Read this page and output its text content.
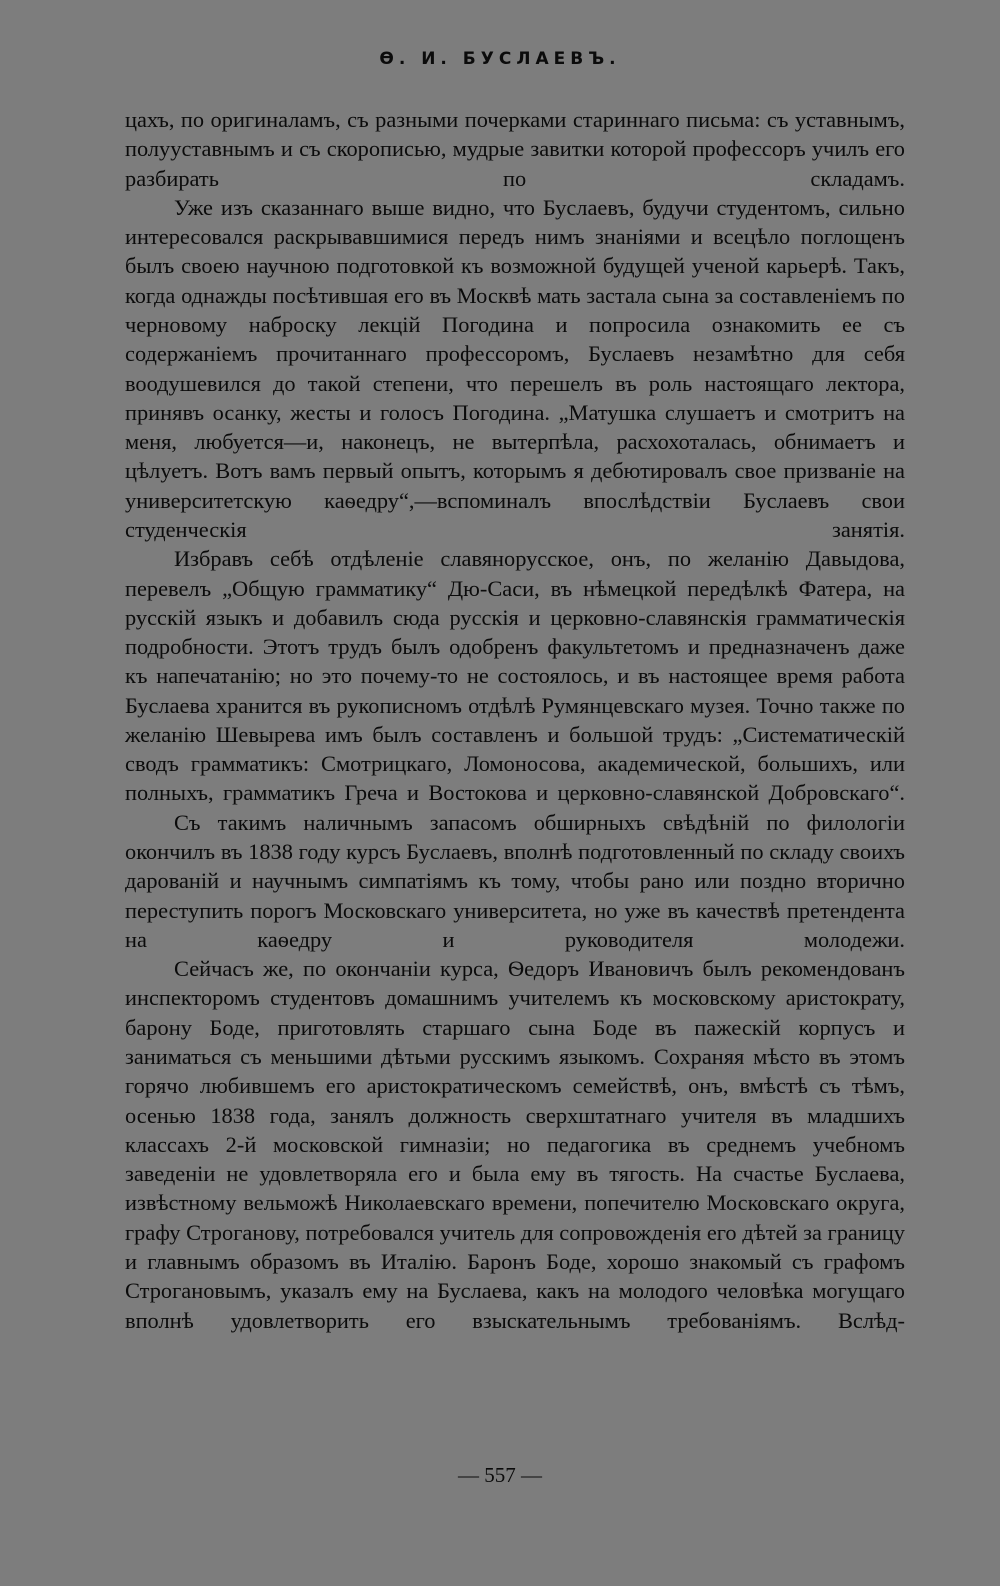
Ѳ. И. БУСЛАЕВЪ.

цахъ, по оригиналамъ, съ разными почерками стариннаго письма: съ уставнымъ, полууставнымъ и съ скорописью, мудрые завитки которой профессоръ училъ его разбирать по складамъ.

Уже изъ сказаннаго выше видно, что Буслаевъ, будучи студентомъ, сильно интересовался раскрывавшимися передъ нимъ знаніями и всецѣло поглощенъ былъ своею научною подготовкой къ возможной будущей ученой карьерѣ. Такъ, когда однажды посѣтившая его въ Москвѣ мать застала сына за составленіемъ по черновому наброску лекцій Погодина и попросила ознакомить ее съ содержаніемъ прочитаннаго профессоромъ, Буслаевъ незамѣтно для себя воодушевился до такой степени, что перешелъ въ роль настоящаго лектора, принявъ осанку, жесты и голосъ Погодина. „Матушка слушаетъ и смотритъ на меня, любуется—и, наконецъ, не вытерпѣла, расхохоталась, обнимаетъ и цѣлуетъ. Вотъ вамъ первый опытъ, которымъ я дебютировалъ свое призваніе на университетскую каѳедру“,—вспоминалъ впослѣдствіи Буслаевъ свои студенческія занятія.

Избравъ себѣ отдѣленіе славянорусское, онъ, по желанію Давыдова, перевелъ „Общую грамматику“ Дю-Саси, въ нѣмецкой передѣлкѣ Фатера, на русскій языкъ и добавилъ сюда русскія и церковно-славянскія грамматическія подробности. Этотъ трудъ былъ одобренъ факультетомъ и предназначенъ даже къ напечатанію; но это почему-то не состоялось, и въ настоящее время работа Буслаева хранится въ рукописномъ отдѣлѣ Румянцевскаго музея. Точно также по желанію Шевырева имъ былъ составленъ и большой трудъ: „Систематическій сводъ грамматикъ: Смотрицкаго, Ломоносова, академической, большихъ, или полныхъ, грамматикъ Греча и Востокова и церковно-славянской Добровскаго“.

Съ такимъ наличнымъ запасомъ обширныхъ свѣдѣній по филологіи окончилъ въ 1838 году курсъ Буслаевъ, вполнѣ подготовленный по складу своихъ дарованій и научнымъ симпатіямъ къ тому, чтобы рано или поздно вторично переступить порогъ Московскаго университета, но уже въ качествѣ претендента на каѳедру и руководителя молодежи.

Сейчасъ же, по окончаніи курса, Ѳедоръ Ивановичъ былъ рекомендованъ инспекторомъ студентовъ домашнимъ учителемъ къ московскому аристократу, барону Боде, приготовлять старшаго сына Боде въ пажескій корпусъ и заниматься съ меньшими дѣтьми русскимъ языкомъ. Сохраняя мѣсто въ этомъ горячо любившемъ его аристократическомъ семействѣ, онъ, вмѣстѣ съ тѣмъ, осенью 1838 года, занялъ должность сверхштатнаго учителя въ младшихъ классахъ 2-й московской гимназіи; но педагогика въ среднемъ учебномъ заведеніи не удовлетворяла его и была ему въ тягость. На счастье Буслаева, извѣстному вельможѣ Николаевскаго времени, попечителю Московскаго округа, графу Строганову, потребовался учитель для сопровожденія его дѣтей за границу и главнымъ образомъ въ Италію. Баронъ Боде, хорошо знакомый съ графомъ Строгановымъ, указалъ ему на Буслаева, какъ на молодого человѣка могущаго вполнѣ удовлетворить его взыскательнымъ требованіямъ. Вслѣд-

— 557 —
